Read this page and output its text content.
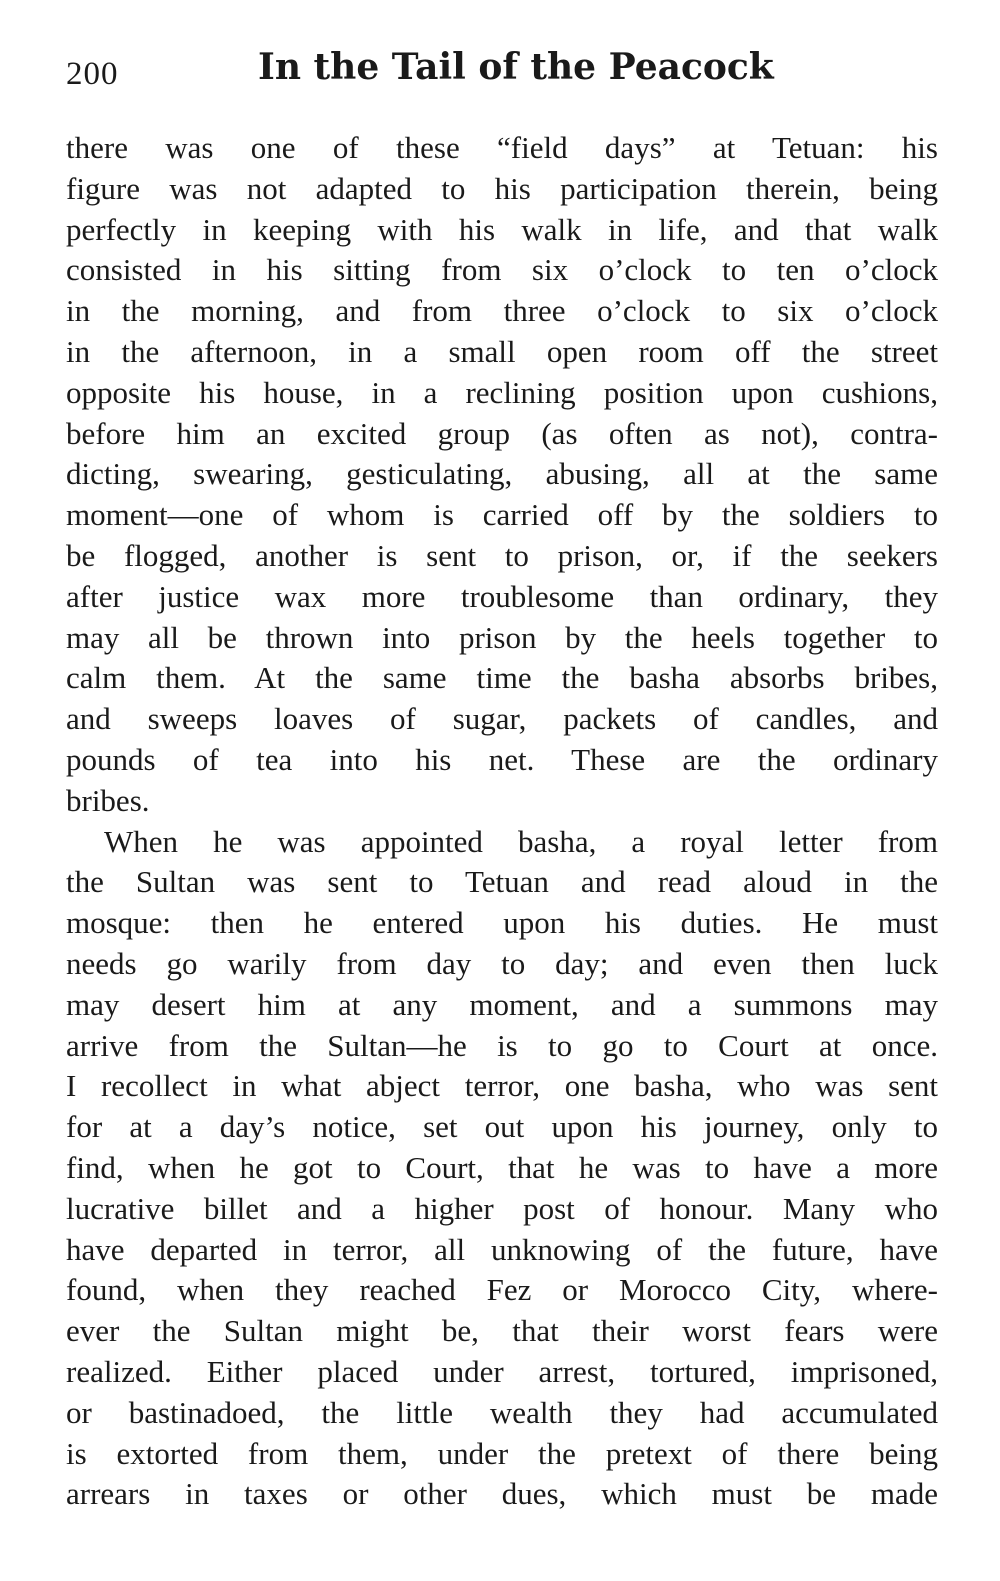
200	In the Tail of the Peacock
there was one of these “field days” at Tetuan: his
figure was not adapted to his participation therein, being
perfectly in keeping with his walk in life, and that walk
consisted in his sitting from six o’clock to ten o’clock
in the morning, and from three o’clock to six o’clock
in the afternoon, in a small open room off the street
opposite his house, in a reclining position upon cushions,
before him an excited group (as often as not), contra-
dicting, swearing, gesticulating, abusing, all at the same
moment—one of whom is carried off by the soldiers to
be flogged, another is sent to prison, or, if the seekers
after justice wax more troublesome than ordinary, they
may all be thrown into prison by the heels together to
calm them. At the same time the basha absorbs bribes,
and sweeps loaves of sugar, packets of candles, and
pounds of tea into his net. These are the ordinary
bribes.
When he was appointed basha, a royal letter from
the Sultan was sent to Tetuan and read aloud in the
mosque: then he entered upon his duties. He must
needs go warily from day to day; and even then luck
may desert him at any moment, and a summons may
arrive from the Sultan—he is to go to Court at once.
I recollect in what abject terror, one basha, who was sent
for at a day’s notice, set out upon his journey, only to
find, when he got to Court, that he was to have a more
lucrative billet and a higher post of honour. Many who
have departed in terror, all unknowing of the future, have
found, when they reached Fez or Morocco City, where-
ever the Sultan might be, that their worst fears were
realized. Either placed under arrest, tortured, imprisoned,
or bastinadoed, the little wealth they had accumulated
is extorted from them, under the pretext of there being
arrears in taxes or other dues, which must be made
